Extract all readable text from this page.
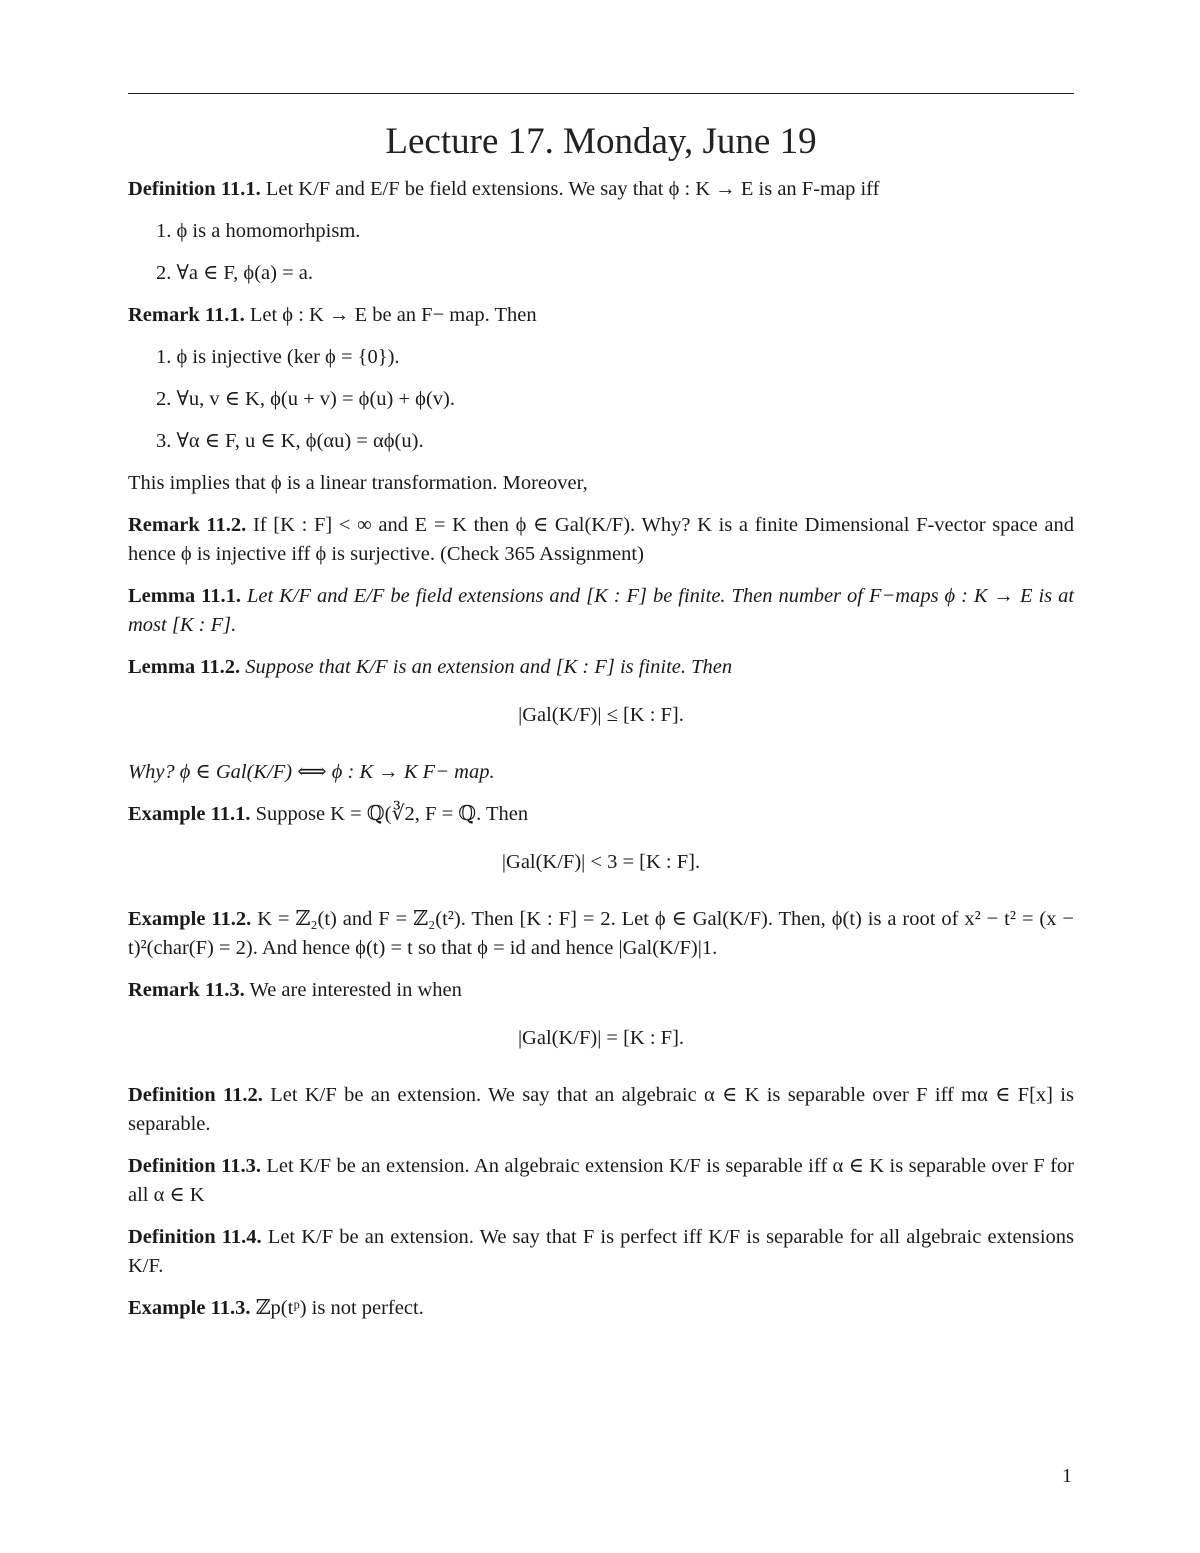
Lecture 17. Monday, June 19

Definition 11.1. Let K/F and E/F be field extensions. We say that ϕ : K → E is an F-map iff

1. ϕ is a homomorhpism.
2. ∀a ∈ F, ϕ(a) = a.

Remark 11.1. Let ϕ : K → E be an F− map. Then

1. ϕ is injective (ker ϕ = {0}).
2. ∀u, v ∈ K, ϕ(u + v) = ϕ(u) + ϕ(v).
3. ∀α ∈ F, u ∈ K, ϕ(αu) = αϕ(u).

This implies that ϕ is a linear transformation. Moreover,

Remark 11.2. If [K : F] < ∞ and E = K then ϕ ∈ Gal(K/F). Why? K is a finite Dimensional F-vector space and hence ϕ is injective iff ϕ is surjective. (Check 365 Assignment)

Lemma 11.1. Let K/F and E/F be field extensions and [K : F] be finite. Then number of F−maps ϕ : K → E is at most [K : F].

Lemma 11.2. Suppose that K/F is an extension and [K : F] is finite. Then

|Gal(K/F)| ≤ [K : F].

Why? ϕ ∈ Gal(K/F) ⟺ ϕ : K → K F− map.

Example 11.1. Suppose K = ℚ(∛2, F = ℚ. Then

|Gal(K/F)| < 3 = [K : F].

Example 11.2. K = ℤ₂(t) and F = ℤ₂(t²). Then [K : F] = 2. Let ϕ ∈ Gal(K/F). Then, ϕ(t) is a root of x² − t² = (x − t)²(char(F) = 2). And hence ϕ(t) = t so that ϕ = id and hence |Gal(K/F)|1.

Remark 11.3. We are interested in when

|Gal(K/F)| = [K : F].

Definition 11.2. Let K/F be an extension. We say that an algebraic α ∈ K is separable over F iff mα ∈ F[x] is separable.

Definition 11.3. Let K/F be an extension. An algebraic extension K/F is separable iff α ∈ K is separable over F for all α ∈ K

Definition 11.4. Let K/F be an extension. We say that F is perfect iff K/F is separable for all algebraic extensions K/F.

Example 11.3. ℤp(tᵖ) is not perfect.

1
